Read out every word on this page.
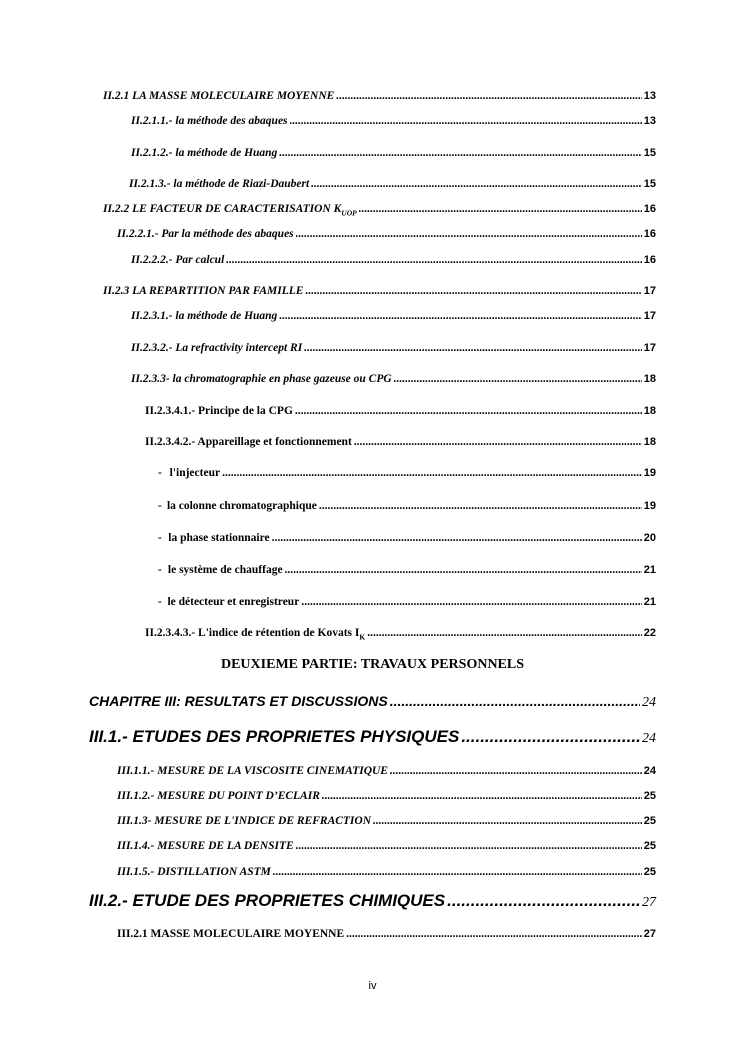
II.2.1 LA MASSE MOLECULAIRE MOYENNE .....	13
II.2.1.1.- la méthode des abaques .....	13
II.2.1.2.- la méthode de Huang .....	15
II.2.1.3.- la méthode de Riazi-Daubert .....	15
II.2.2 LE FACTEUR DE CARACTERISATION $K_{UOP}$ .....	16
II.2.2.1.- Par la méthode des abaques .....	16
II.2.2.2.- Par calcul .....	16
II.2.3 LA REPARTITION PAR FAMILLE .....	17
II.2.3.1.- la méthode de Huang .....	17
II.2.3.2.- La refractivity intercept RI .....	17
II.2.3.3- la chromatographie en phase gazeuse ou CPG .....	18
II.2.3.4.1.- Principe de la CPG .....	18
II.2.3.4.2.- Appareillage et fonctionnement .....	18
- l'injecteur .....	19
- la colonne chromatographique .....	19
- la phase stationnaire .....	20
- le système de chauffage .....	21
- le détecteur et enregistreur .....	21
II.2.3.4.3.- L'indice de rétention de Kovats $I_K$ .....	22
DEUXIEME PARTIE: TRAVAUX PERSONNELS
CHAPITRE III: RESULTATS ET DISCUSSIONS .....	24
III.1.- ETUDES DES PROPRIETES PHYSIQUES .....	24
III.1.1.- MESURE DE LA VISCOSITE CINEMATIQUE .....	24
III.1.2.- MESURE DU POINT D’ECLAIR .....	25
III.1.3- MESURE DE L'INDICE DE REFRACTION .....	25
III.1.4.- MESURE DE LA DENSITE .....	25
III.1.5.- DISTILLATION ASTM .....	25
III.2.- ETUDE DES PROPRIETES CHIMIQUES .....	27
III.2.1 MASSE MOLECULAIRE MOYENNE .....	27
iv
